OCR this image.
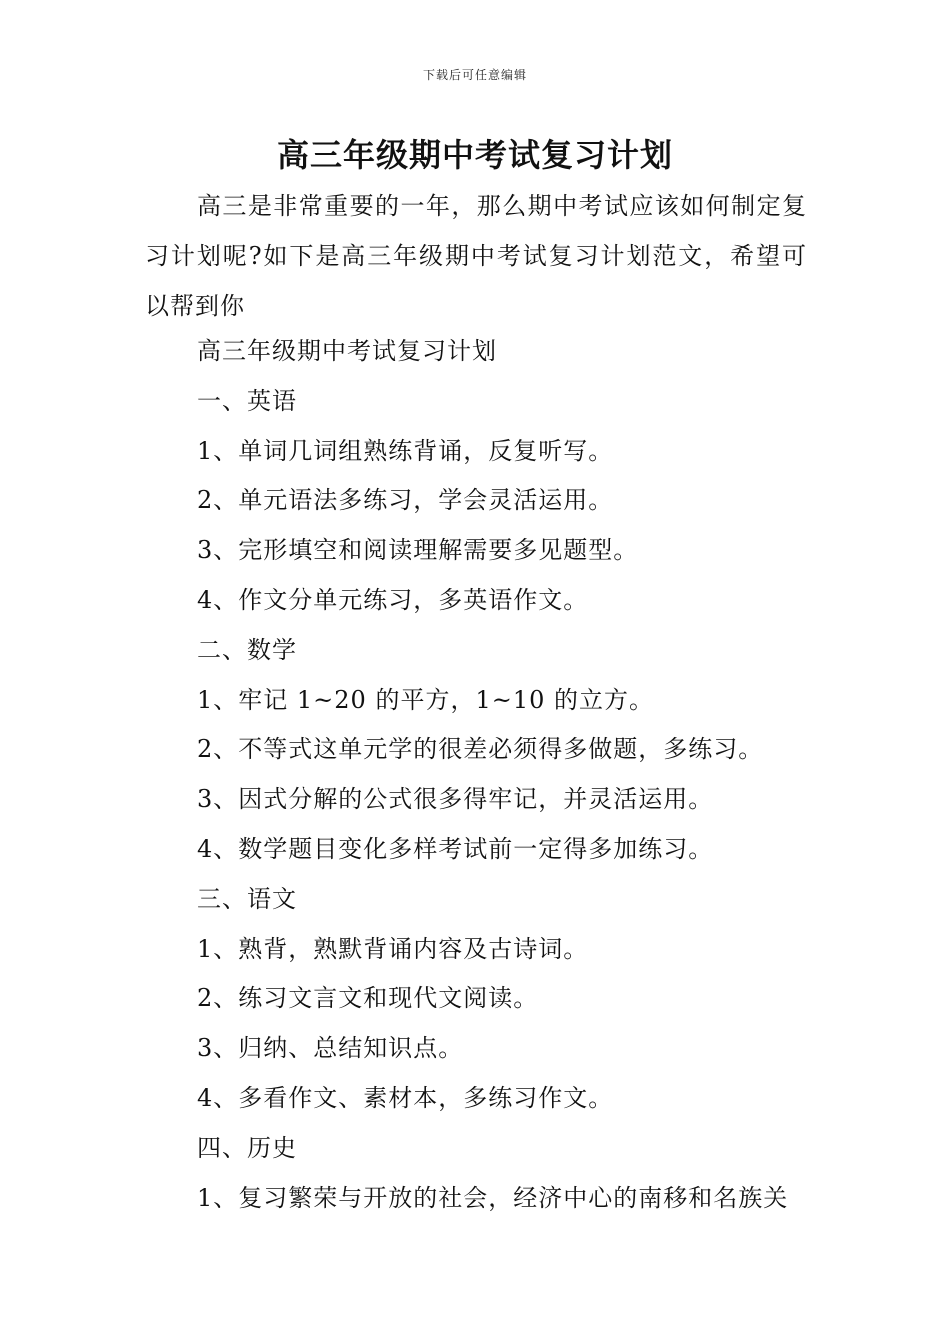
下载后可任意编辑
高三年级期中考试复习计划

高三是非常重要的一年，那么期中考试应该如何制定复习计划呢?如下是高三年级期中考试复习计划范文，希望可以帮到你

高三年级期中考试复习计划
一、英语
1、单词几词组熟练背诵，反复听写。
2、单元语法多练习，学会灵活运用。
3、完形填空和阅读理解需要多见题型。
4、作文分单元练习，多英语作文。
二、数学
1、牢记 1~20 的平方，1~10 的立方。
2、不等式这单元学的很差必须得多做题，多练习。
3、因式分解的公式很多得牢记，并灵活运用。
4、数学题目变化多样考试前一定得多加练习。
三、语文
1、熟背，熟默背诵内容及古诗词。
2、练习文言文和现代文阅读。
3、归纳、总结知识点。
4、多看作文、素材本，多练习作文。
四、历史
1、复习繁荣与开放的社会，经济中心的南移和名族关
